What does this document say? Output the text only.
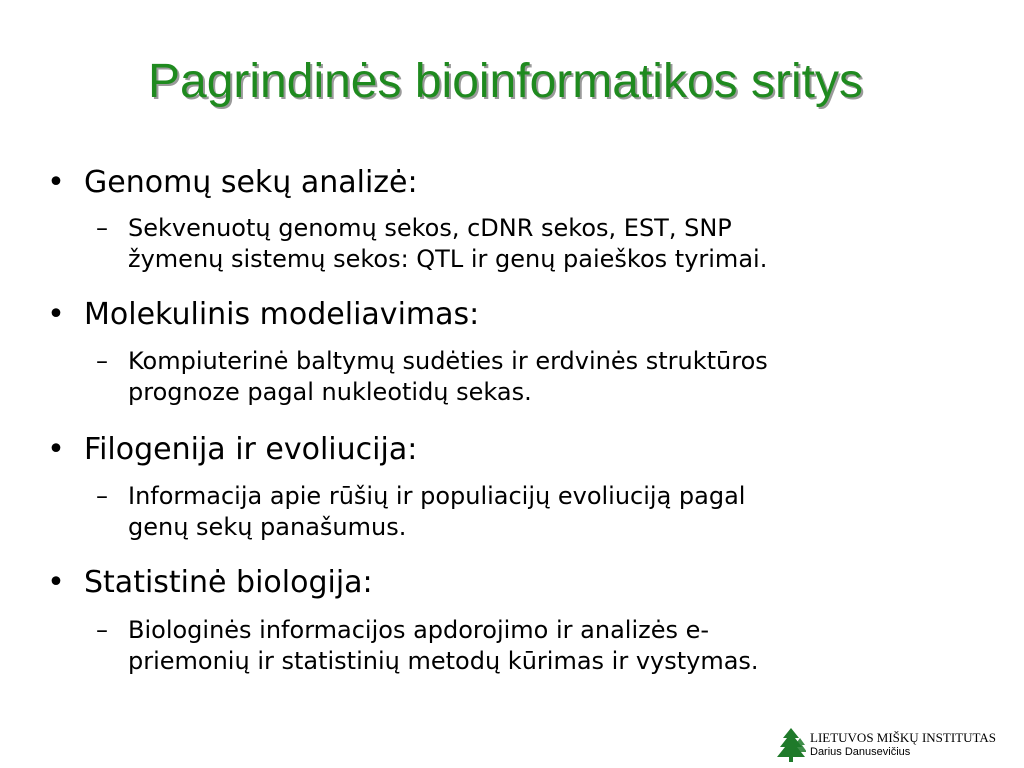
Pagrindinės bioinformatikos sritys
• Genomų sekų analizė:
– Sekvenuotų genomų sekos, cDNR sekos, EST, SNP
žymenų sistemų sekos: QTL ir genų paieškos tyrimai.
• Molekulinis modeliavimas:
– Kompiuterinė baltymų sudėties ir erdvinės struktūros
prognoze pagal nukleotidų sekas.
• Filogenija ir evoliucija:
– Informacija apie rūšių ir populiacijų evoliuciją pagal
genų sekų panašumus.
• Statistinė biologija:
– Biologinės informacijos apdorojimo ir analizės e-
priemonių ir statistinių metodų kūrimas ir vystymas.
LIETUVOS MIŠKŲ INSTITUTAS
Darius Danusevičius
